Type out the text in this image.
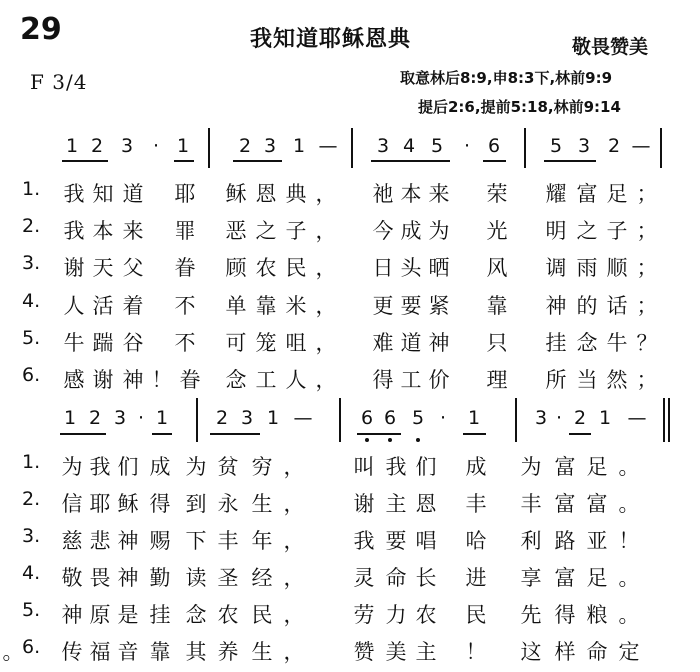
29	我知道耶稣恩典	敬畏赞美
F 3/4	取意林后8:9,申8:3下,林前9:9
提后2:6,提前5:18,林前9:14
1 2 3	· 1	2 3 1 — 3 4 5	· 6	5 3 2 —
1. 我 知 道 耶 稣 恩 典 ， 祂 本 来 荣 耀 富 足 ；
2. 我 本 来 罪 恶 之 子 ， 今 成 为 光 明 之 子 ；
3. 谢 天 父 眷 顾 农 民 ， 日 头 晒 风 调 雨 顺 ；
4. 人 活 着 不 单 靠 米 ， 更 要 紧 靠 神 的 话 ；
5. 牛 踹 谷 不 可 笼 咀 ， 难 道 神 只 挂 念 牛 ？
6. 感 谢 神 ！ 眷 念 工 人 ， 得 工 价 理 所 当 然 ；
1 2 3 · 1	2 3 1 —	6 6 5 ·	1	3 · 2 1 —
1. 为 我 们 成 为 贫 穷 ， 叫 我 们 成 为 富 足 。
2. 信 耶 稣 得 到 永 生 ， 谢 主 恩 丰 丰 富 富 。
3. 慈 悲 神 赐 下 丰 年 ， 我 要 唱 哈 利 路 亚 ！
4. 敬 畏 神 勤 读 圣 经 ， 灵 命 长 进 享 富 足 。
5. 神 原 是 挂 念 农 民 ， 劳 力 农 民 先 得 粮 。
6. 传 福 音 靠 其 养 生 ， 赞 美 主 ！ 这 样 命 定
。
